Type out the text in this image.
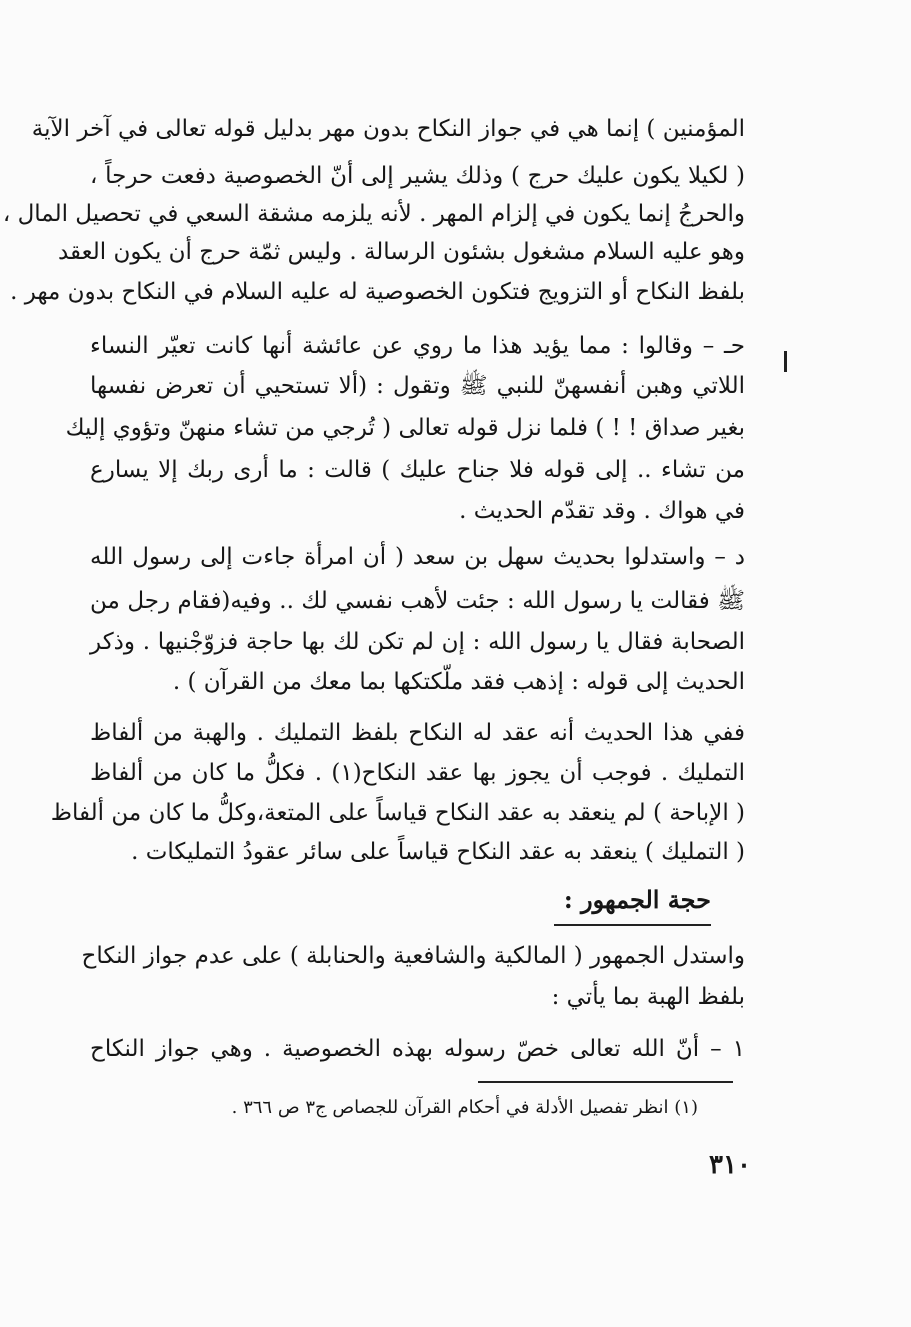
المؤمنين ) إنما هي في جواز النكاح بدون مهر بدليل قوله تعالى في آخر الآية
( لكيلا يكون عليك حرج ) وذلك يشير إلى أنّ الخصوصية دفعت حرجاً ،
والحرجُ إنما يكون في إلزام المهر . لأنه يلزمه مشقة السعي في تحصيل المال ،
وهو عليه السلام مشغول بشئون الرسالة . وليس ثمّة حرج أن يكون العقد
بلفظ النكاح أو التزويج فتكون الخصوصية له عليه السلام في النكاح بدون مهر .
حـ – وقالوا : مما يؤيد هذا ما روي عن عائشة أنها كانت تعيّر النساء
اللاتي وهبن أنفسهنّ للنبي ﷺ وتقول : (ألا تستحيي أن تعرض نفسها
بغير صداق ! ! ) فلما نزل قوله تعالى ( تُرجي من تشاء منهنّ وتؤوي إليك
من تشاء .. إلى قوله فلا جناح عليك ) قالت : ما أرى ربك إلا يسارع
في هواك . وقد تقدّم الحديث .
د – واستدلوا بحديث سهل بن سعد ( أن امرأة جاءت إلى رسول الله
ﷺ فقالت يا رسول الله : جئت لأهب نفسي لك .. وفيه(فقام رجل من
الصحابة فقال يا رسول الله : إن لم تكن لك بها حاجة فزوّجْنيها . وذكر
الحديث إلى قوله : إذهب فقد ملّكتكها بما معك من القرآن ) .
ففي هذا الحديث أنه عقد له النكاح بلفظ التمليك . والهبة من ألفاظ
التمليك . فوجب أن يجوز بها عقد النكاح(١) . فكلُّ ما كان من ألفاظ
( الإباحة ) لم ينعقد به عقد النكاح قياساً على المتعة،وكلُّ ما كان من ألفاظ
( التمليك ) ينعقد به عقد النكاح قياساً على سائر عقودُ التمليكات .
حجة الجمهور :
واستدل الجمهور ( المالكية والشافعية والحنابلة ) على عدم جواز النكاح
بلفظ الهبة بما يأتي :
١ – أنّ الله تعالى خصّ رسوله بهذه الخصوصية . وهي جواز النكاح
(١) انظر تفصيل الأدلة في أحكام القرآن للجصاص ج٣ ص ٣٦٦ .
٣١٠
